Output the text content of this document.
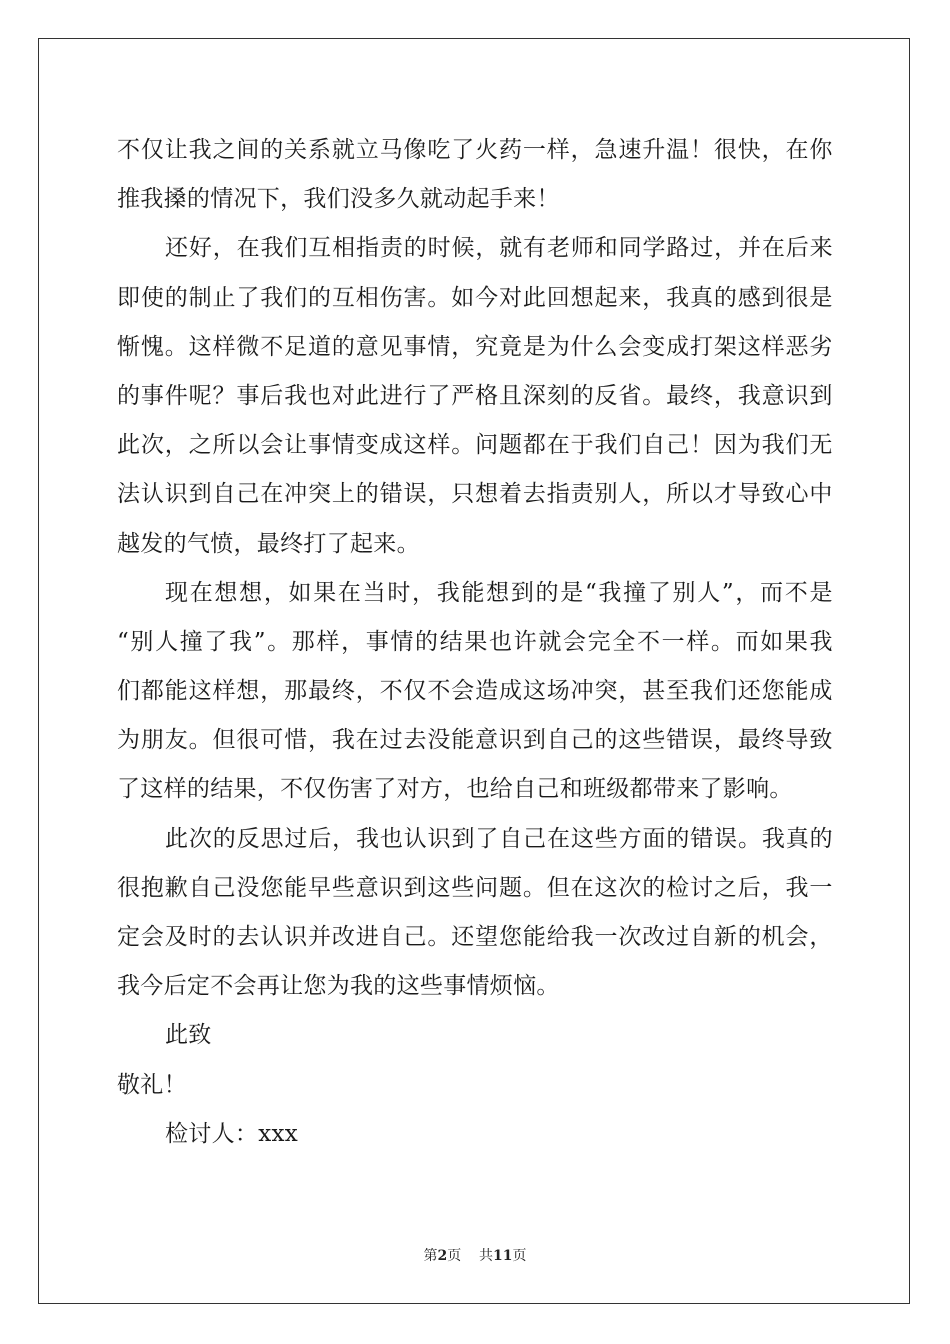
不 仅 让 我 之 间 的 关 系 就 立 马 像 吃 了 火 药 一 样 ， 急 速 升 温 ！ 很 快 ， 在 你
推我搡的情况下，我们没多久就动起手来！
还 好 ， 在 我 们 互 相 指 责 的 时 候 ， 就 有 老 师 和 同 学 路 过 ， 并 在 后 来
即 使 的 制 止 了 我 们 的 互 相 伤 害 。 如 今 对 此 回 想 起 来 ， 我 真 的 感 到 很 是
惭 愧 。 这 样 微 不 足 道 的 意 见 事 情 ， 究 竟 是 为 什 么 会 变 成 打 架 这 样 恶 劣
的 事 件 呢 ？ 事 后 我 也 对 此 进 行 了 严 格 且 深 刻 的 反 省 。 最 终 ， 我 意 识 到
此 次 ， 之 所 以 会 让 事 情 变 成 这 样 。 问 题 都 在 于 我 们 自 己 ！ 因 为 我 们 无
法 认 识 到 自 己 在 冲 突 上 的 错 误 ， 只 想 着 去 指 责 别 人 ， 所 以 才 导 致 心 中
越发的气愤，最终打了起来。
现 在 想 想 ， 如 果 在 当 时 ， 我 能 想 到 的 是 “ 我 撞 了 别 人 ” ， 而 不 是
“ 别 人 撞 了 我 ” 。 那 样 ， 事 情 的 结 果 也 许 就 会 完 全 不 一 样 。 而 如 果 我
们 都 能 这 样 想 ， 那 最 终 ， 不 仅 不 会 造 成 这 场 冲 突 ， 甚 至 我 们 还 您 能 成
为 朋 友 。 但 很 可 惜 ， 我 在 过 去 没 能 意 识 到 自 己 的 这 些 错 误 ， 最 终 导 致
了这样的结果，不仅伤害了对方，也给自己和班级都带来了影响。
此 次 的 反 思 过 后 ， 我 也 认 识 到 了 自 己 在 这 些 方 面 的 错 误 。 我 真 的
很 抱 歉 自 己 没 您 能 早 些 意 识 到 这 些 问 题 。 但 在 这 次 的 检 讨 之 后 ， 我 一
定 会 及 时 的 去 认 识 并 改 进 自 己 。 还 望 您 能 给 我 一 次 改 过 自 新 的 机 会 ，
我今后定不会再让您为我的这些事情烦恼。
此致
敬礼！
检讨人：xxx
第2页 共11页
